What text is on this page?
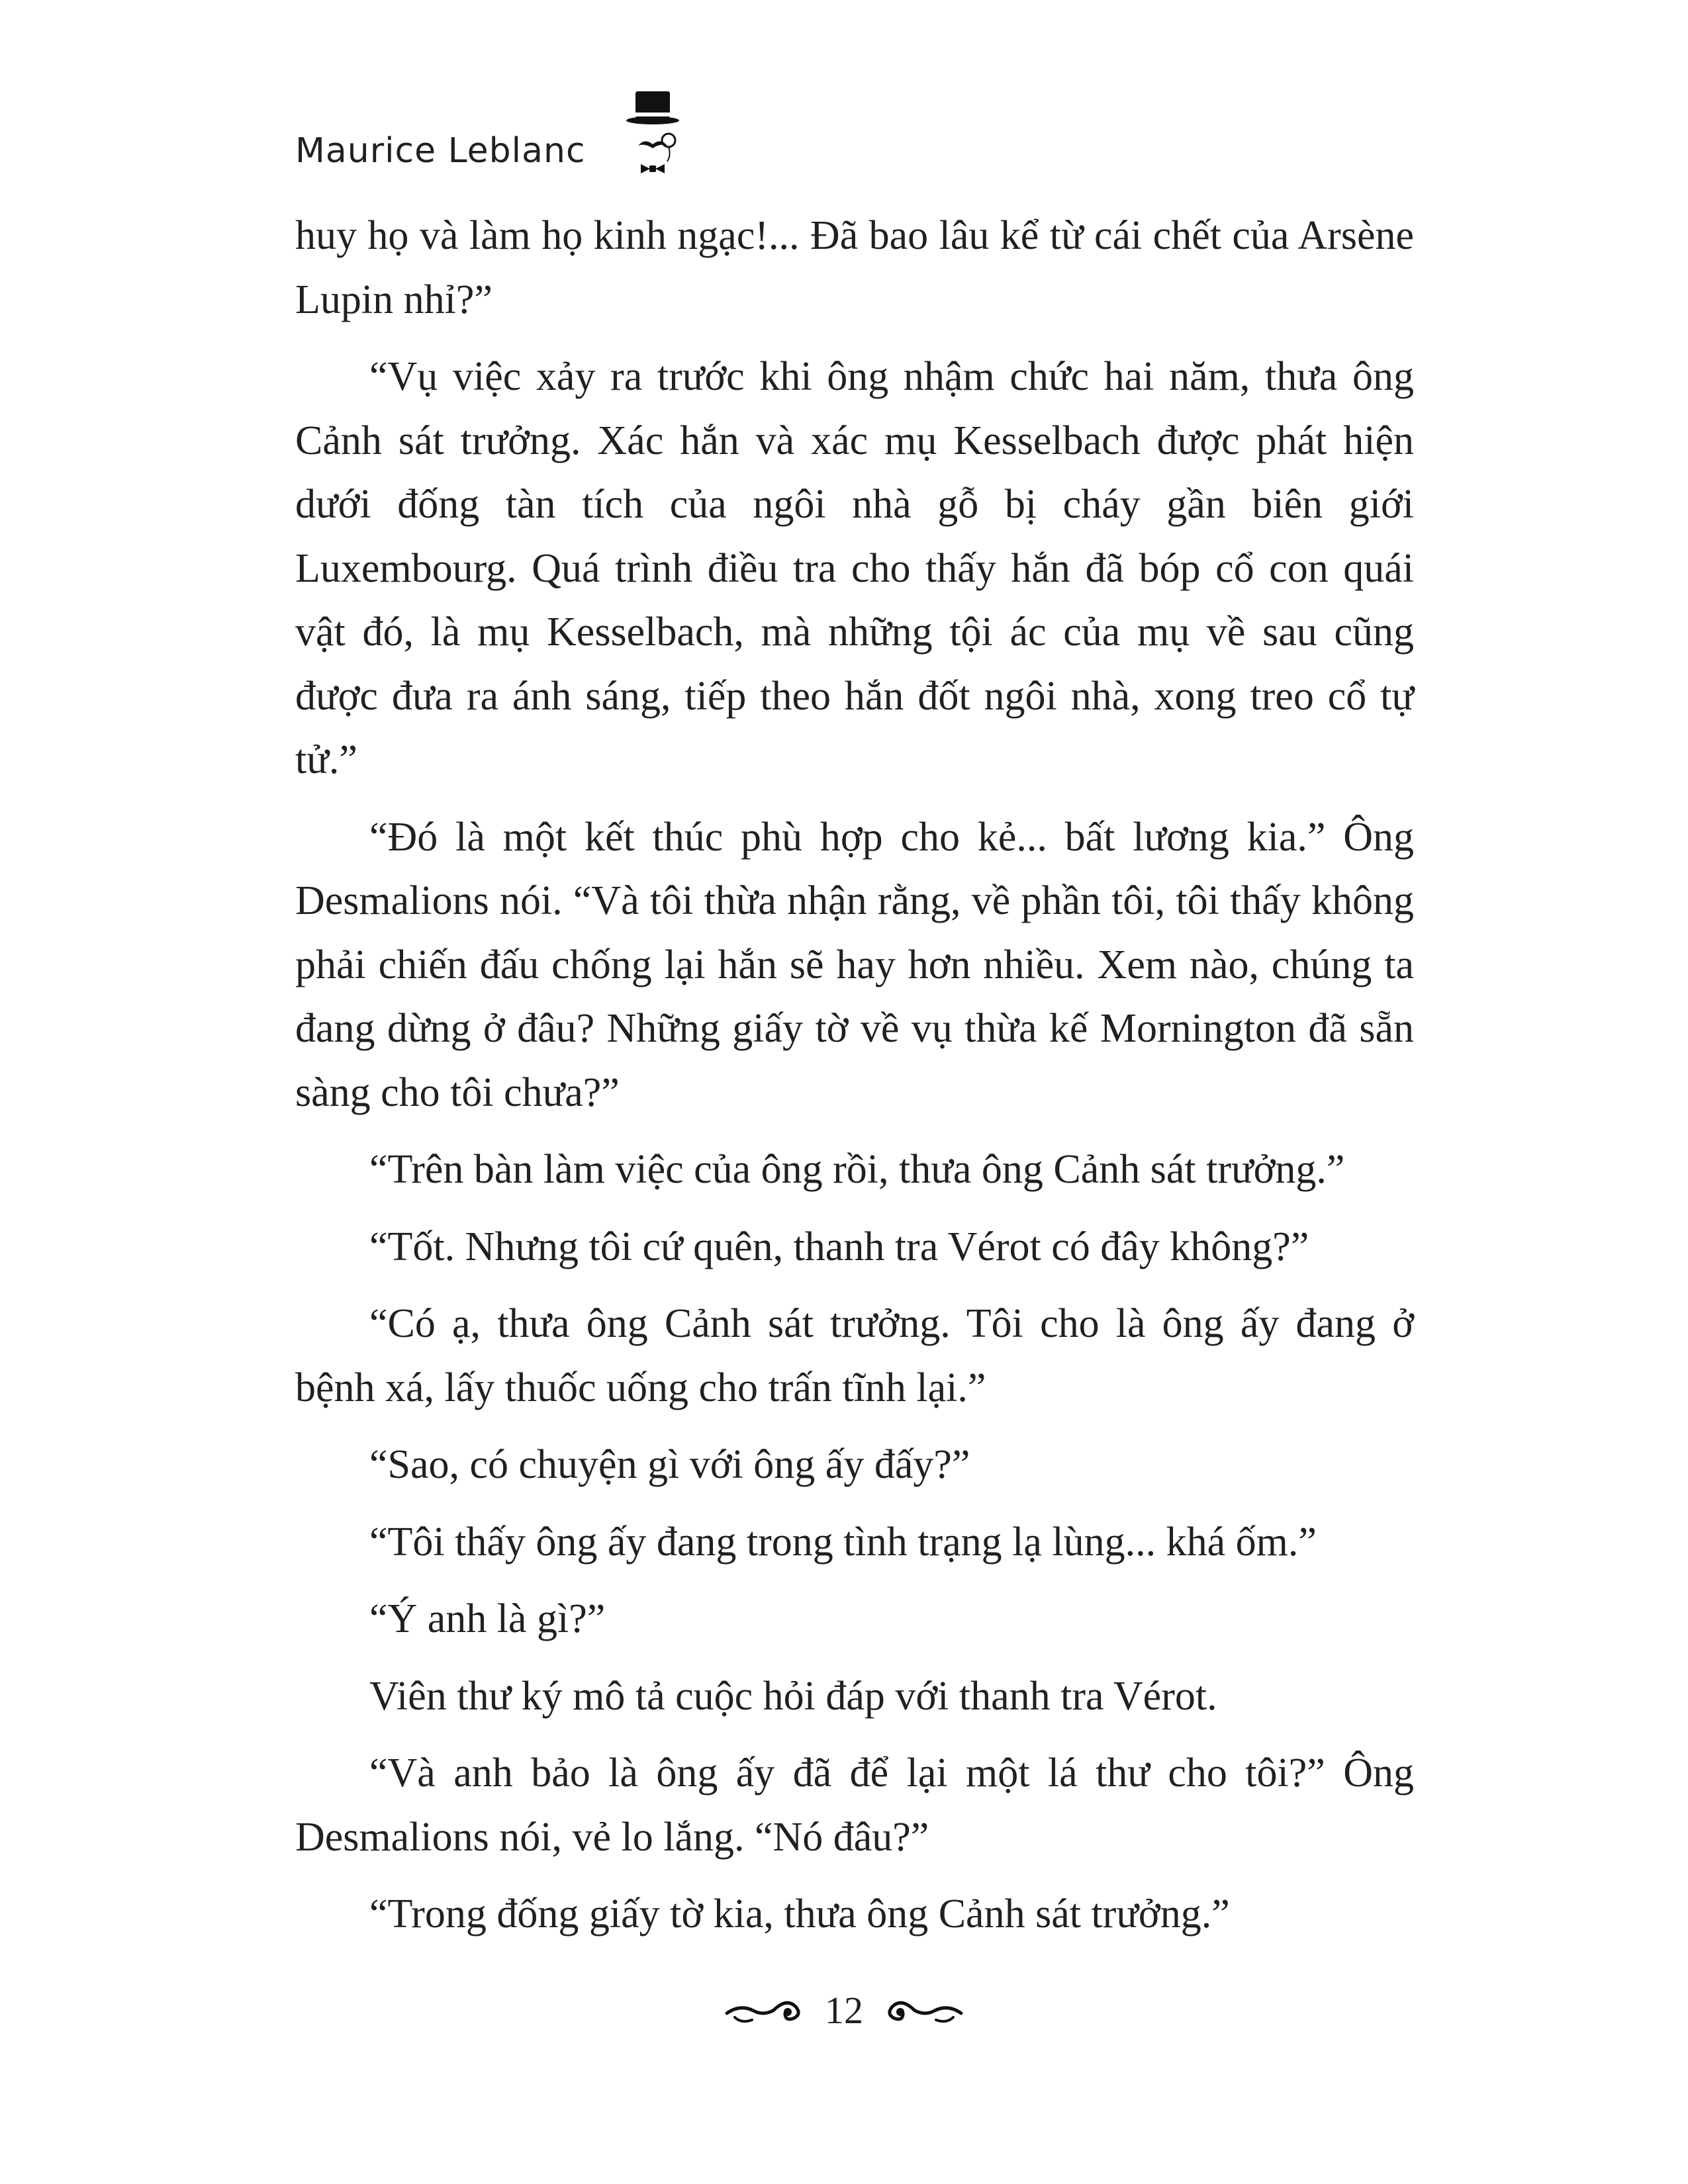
Maurice Leblanc

huy họ và làm họ kinh ngạc!... Đã bao lâu kể từ cái chết của Arsène Lupin nhỉ?”

“Vụ việc xảy ra trước khi ông nhậm chức hai năm, thưa ông Cảnh sát trưởng. Xác hắn và xác mụ Kesselbach được phát hiện dưới đống tàn tích của ngôi nhà gỗ bị cháy gần biên giới Luxembourg. Quá trình điều tra cho thấy hắn đã bóp cổ con quái vật đó, là mụ Kesselbach, mà những tội ác của mụ về sau cũng được đưa ra ánh sáng, tiếp theo hắn đốt ngôi nhà, xong treo cổ tự tử.”

“Đó là một kết thúc phù hợp cho kẻ... bất lương kia.” Ông Desmalions nói. “Và tôi thừa nhận rằng, về phần tôi, tôi thấy không phải chiến đấu chống lại hắn sẽ hay hơn nhiều. Xem nào, chúng ta đang dừng ở đâu? Những giấy tờ về vụ thừa kế Mornington đã sẵn sàng cho tôi chưa?”

“Trên bàn làm việc của ông rồi, thưa ông Cảnh sát trưởng.”

“Tốt. Nhưng tôi cứ quên, thanh tra Vérot có đây không?”

“Có ạ, thưa ông Cảnh sát trưởng. Tôi cho là ông ấy đang ở bệnh xá, lấy thuốc uống cho trấn tĩnh lại.”

“Sao, có chuyện gì với ông ấy đấy?”

“Tôi thấy ông ấy đang trong tình trạng lạ lùng... khá ốm.”

“Ý anh là gì?”

Viên thư ký mô tả cuộc hỏi đáp với thanh tra Vérot.

“Và anh bảo là ông ấy đã để lại một lá thư cho tôi?” Ông Desmalions nói, vẻ lo lắng. “Nó đâu?”

“Trong đống giấy tờ kia, thưa ông Cảnh sát trưởng.”

12
